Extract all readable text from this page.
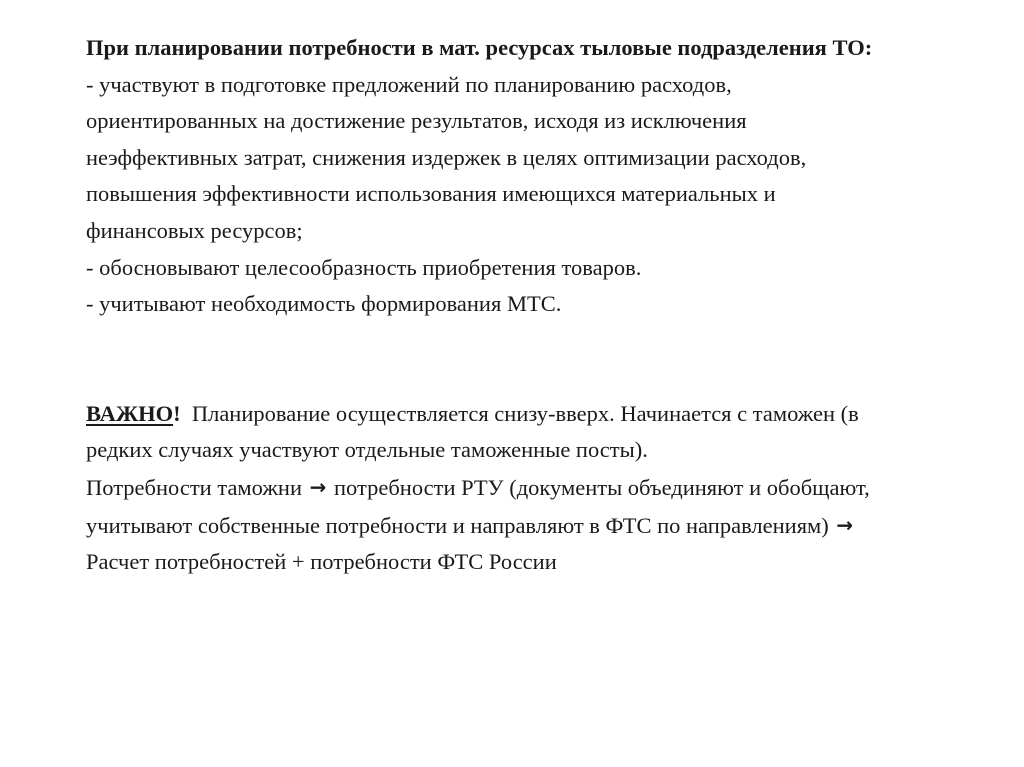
При планировании потребности в мат. ресурсах тыловые подразделения ТО:
- участвуют в подготовке предложений по планированию расходов,
ориентированных на достижение результатов, исходя из исключения
неэффективных затрат, снижения издержек в целях оптимизации расходов,
повышения эффективности использования имеющихся материальных и
финансовых ресурсов;
- обосновывают целесообразность приобретения товаров.
- учитывают необходимость формирования МТС.
ВАЖНО!  Планирование осуществляется снизу-вверх. Начинается с таможен (в
редких случаях участвуют отдельные таможенные посты).
Потребности таможни → потребности РТУ (документы объединяют и обобщают,
учитывают собственные потребности и направляют в ФТС по направлениям) →
Расчет потребностей + потребности ФТС России
